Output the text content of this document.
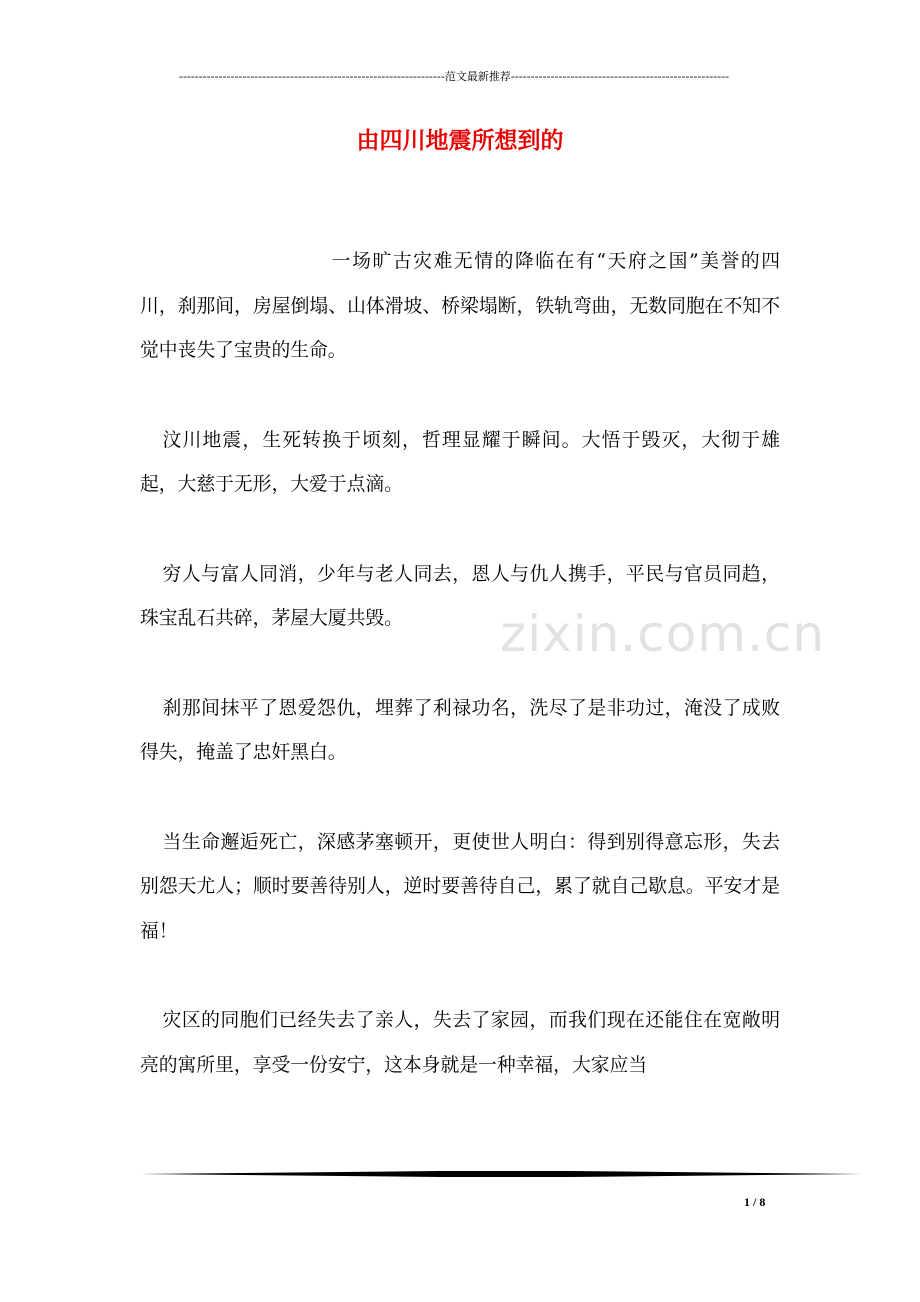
-------------------------------------------------------------------范文最新推荐-------------------------------------------------------
由四川地震所想到的
zixin.com.cn

一场旷古灾难无情的降临在有“天府之国”美誉的四川，刹那间，房屋倒塌、山体滑坡、桥梁塌断，铁轨弯曲，无数同胞在不知不觉中丧失了宝贵的生命。

汶川地震，生死转换于顷刻，哲理显耀于瞬间。大悟于毁灭，大彻于雄起，大慈于无形，大爱于点滴。

穷人与富人同消，少年与老人同去，恩人与仇人携手，平民与官员同趋，珠宝乱石共碎，茅屋大厦共毁。

刹那间抹平了恩爱怨仇，埋葬了利禄功名，洗尽了是非功过，淹没了成败得失，掩盖了忠奸黑白。

当生命邂逅死亡，深感茅塞顿开，更使世人明白：得到别得意忘形，失去别怨天尤人；顺时要善待别人，逆时要善待自己，累了就自己歇息。平安才是福！

灾区的同胞们已经失去了亲人，失去了家园，而我们现在还能住在宽敞明亮的寓所里，享受一份安宁，这本身就是一种幸福，大家应当

1 / 8
